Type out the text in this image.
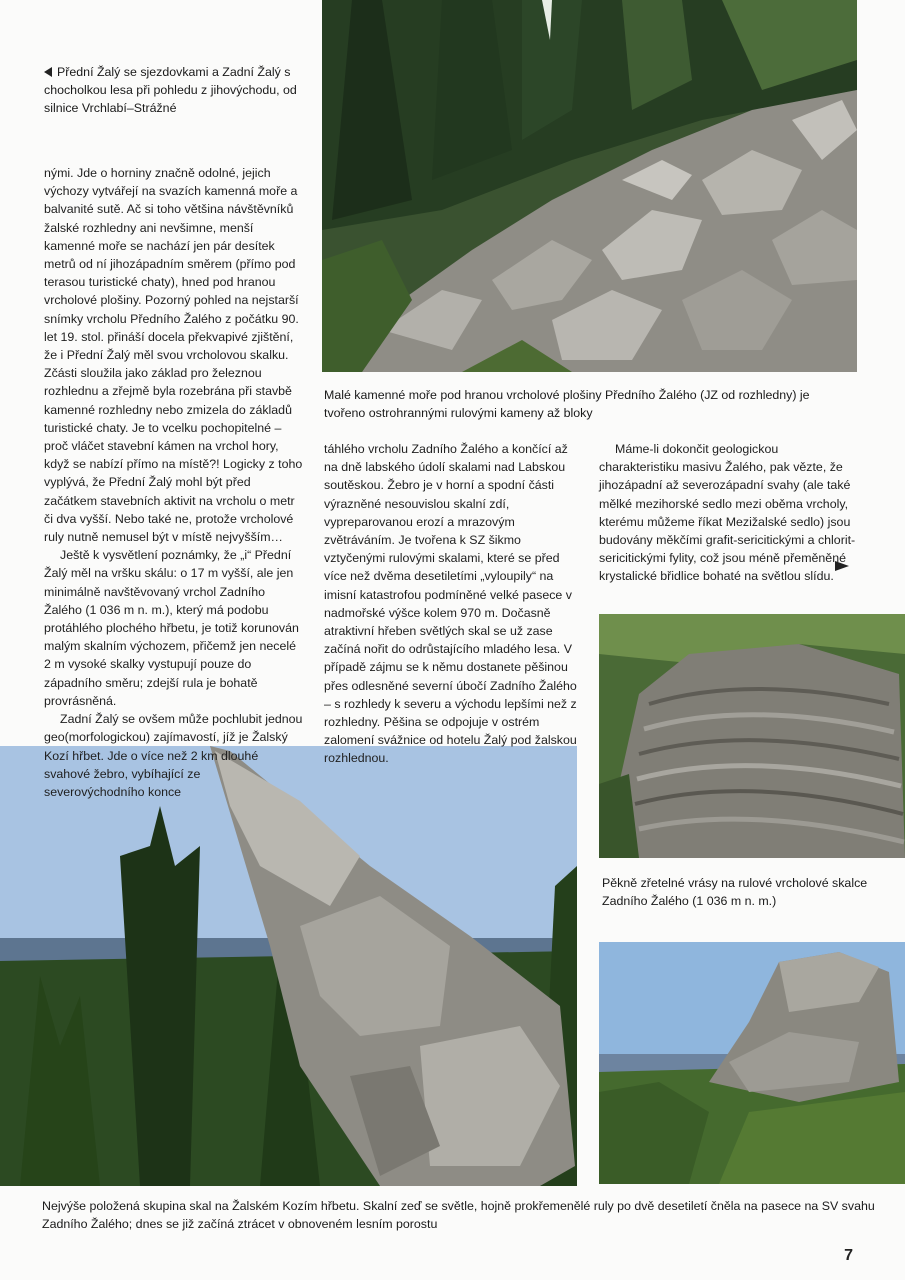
Přední Žalý se sjezdovkami a Zadní Žalý s chocholkou lesa při pohledu z jihovýchodu, od silnice Vrchlabí–Strážné
Malé kamenné moře pod hranou vrcholové plošiny Předního Žalého (JZ od rozhledny) je tvořeno ostrohrannými rulovými kameny až bloky
Pěkně zřetelné vrásy na rulové vrcholové skalce Zadního Žalého (1 036 m n. m.)
Nejvýše položená skupina skal na Žalském Kozím hřbetu. Skalní zeď se světle, hojně prokřemenělé ruly po dvě desetiletí čněla na pasece na SV svahu Zadního Žalého; dnes se již začíná ztrácet v obnoveném lesním porostu

nými. Jde o horniny značně odolné, jejich výchozy vytvářejí na svazích kamenná moře a balvanité sutě. Ač si toho většina návštěvníků žalské rozhledny ani nevšimne, menší kamenné moře se nachází jen pár desítek metrů od ní jihozápadním směrem (přímo pod terasou turistické chaty), hned pod hranou vrcholové plošiny. Pozorný pohled na nejstarší snímky vrcholu Předního Žalého z počátku 90. let 19. stol. přináší docela překvapivé zjištění, že i Přední Žalý měl svou vrcholovou skalku. Zčásti sloužila jako základ pro železnou rozhlednu a zřejmě byla rozebrána při stavbě kamenné rozhledny nebo zmizela do základů turistické chaty. Je to vcelku pochopitelné – proč vláčet stavební kámen na vrchol hory, když se nabízí přímo na místě?! Logicky z toho vyplývá, že Přední Žalý mohl být před začátkem stavebních aktivit na vrcholu o metr či dva vyšší. Nebo také ne, protože vrcholové ruly nutně nemusel být v místě nejvyšším…

Ještě k vysvětlení poznámky, že „i“ Přední Žalý měl na vršku skálu: o 17 m vyšší, ale jen minimálně navštěvovaný vrchol Zadního Žalého (1 036 m n. m.), který má podobu protáhlého plochého hřbetu, je totiž korunován malým skalním výchozem, přičemž jen necelé 2 m vysoké skalky vystupují pouze do západního směru; zdejší rula je bohatě provrásněná.

Zadní Žalý se ovšem může pochlubit jednou geo(morfologickou) zajímavostí, jíž je Žalský Kozí hřbet. Jde o více než 2 km dlouhé svahové žebro, vybíhající ze severovýchodního konce

táhlého vrcholu Zadního Žalého a končící až na dně labského údolí skalami nad Labskou soutěskou. Žebro je v horní a spodní části výrazněné nesouvislou skalní zdí, vypreparovanou erozí a mrazovým zvětráváním. Je tvořena k SZ šikmo vztyčenými rulovými skalami, které se před více než dvěma desetiletími „vyloupily“ na imisní katastrofou podmíněné velké pasece v nadmořské výšce kolem 970 m. Dočasně atraktivní hřeben světlých skal se už zase začíná nořit do odrůstajícího mladého lesa. V případě zájmu se k němu dostanete pěšinou přes odlesněné severní úbočí Zadního Žalého – s rozhledy k severu a východu lepšími než z rozhledny. Pěšina se odpojuje v ostrém zalomení svážnice od hotelu Žalý pod žalskou rozhlednou.

Máme-li dokončit geologickou charakteristiku masivu Žalého, pak vězte, že jihozápadní až severozápadní svahy (ale také mělké mezihorské sedlo mezi oběma vrcholy, kterému můžeme říkat Mezižalské sedlo) jsou budovány měkčími grafit-sericitickými a chlorit-sericitickými fylity, což jsou méně přeměněné krystalické břidlice bohaté na světlou slídu.

7
